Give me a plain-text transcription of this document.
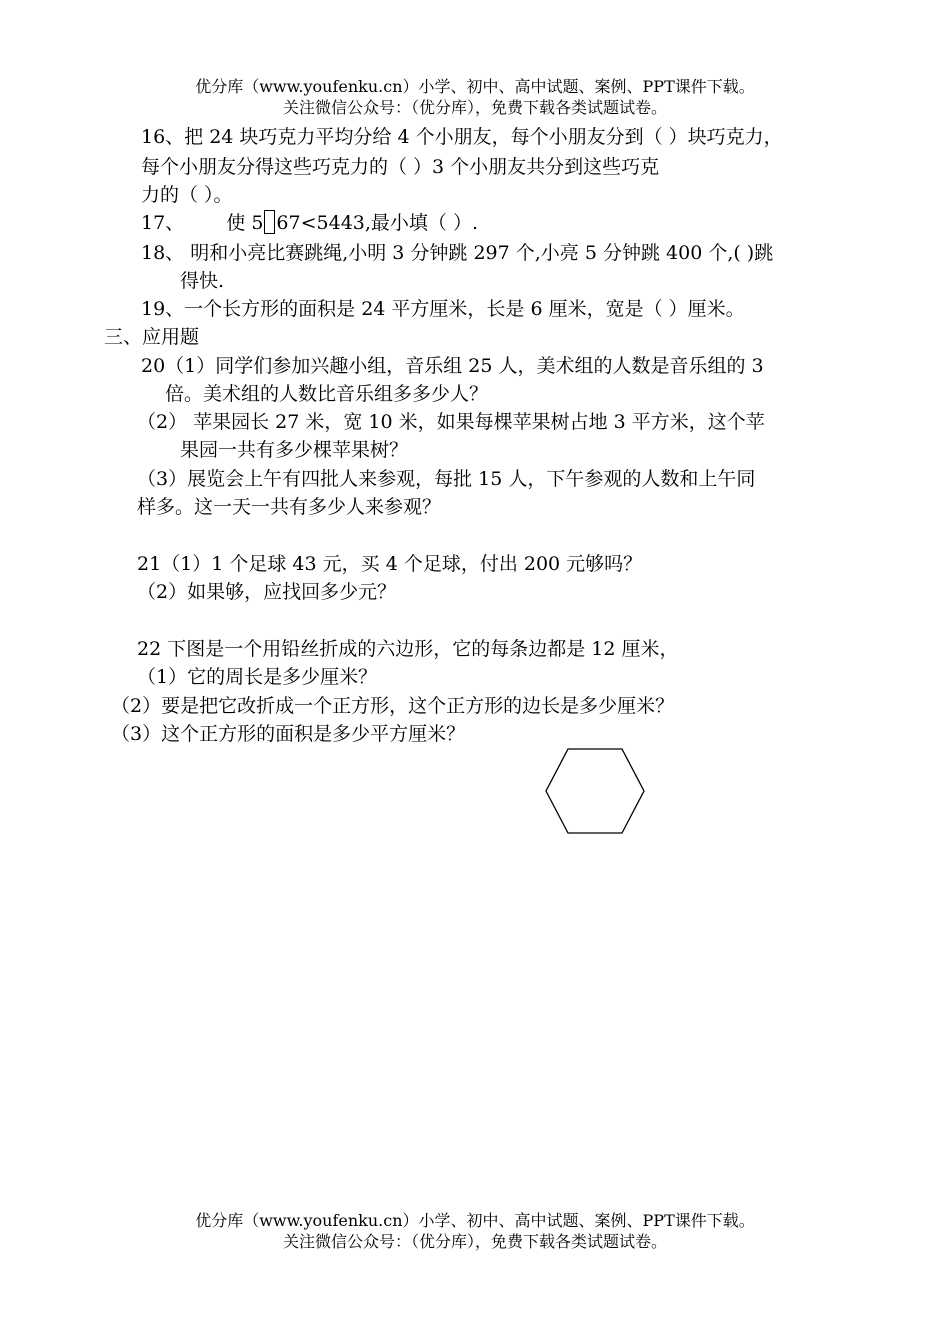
优分库（www.youfenku.cn）小学、初中、高中试题、案例、PPT课件下载。
关注微信公众号：（优分库），免费下载各类试题试卷。
16、把 24 块巧克力平均分给 4 个小朋友，每个小朋友分到（ ）块巧克力，
每个小朋友分得这些巧克力的（ ）3 个小朋友共分到这些巧克
力的（ ）。
17、 使 5 67<5443,最小填（ ）.
18、 明和小亮比赛跳绳,小明 3 分钟跳 297 个,小亮 5 分钟跳 400 个,( )跳
得快.
19、一个长方形的面积是 24 平方厘米，长是 6 厘米，宽是（ ）厘米。
三、应用题
20（1）同学们参加兴趣小组，音乐组 25 人，美术组的人数是音乐组的 3
倍。美术组的人数比音乐组多多少人？
（2） 苹果园长 27 米，宽 10 米，如果每棵苹果树占地 3 平方米，这个苹
果园一共有多少棵苹果树？
（3）展览会上午有四批人来参观，每批 15 人，下午参观的人数和上午同
样多。这一天一共有多少人来参观？
21（1）1 个足球 43 元，买 4 个足球，付出 200 元够吗？
（2）如果够，应找回多少元？
22 下图是一个用铅丝折成的六边形，它的每条边都是 12 厘米，
（1）它的周长是多少厘米？
（2）要是把它改折成一个正方形，这个正方形的边长是多少厘米？
（3）这个正方形的面积是多少平方厘米？
优分库（www.youfenku.cn）小学、初中、高中试题、案例、PPT课件下载。
关注微信公众号：（优分库），免费下载各类试题试卷。
